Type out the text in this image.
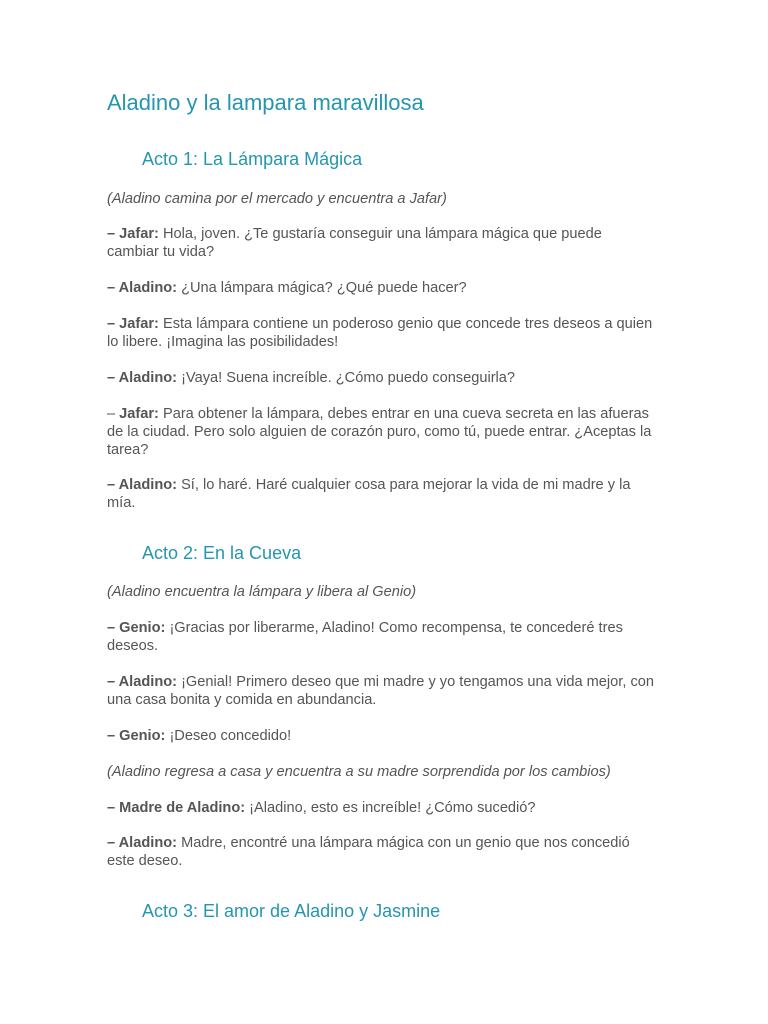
Aladino y la lampara maravillosa
Acto 1: La Lámpara Mágica

(Aladino camina por el mercado y encuentra a Jafar)

– Jafar: Hola, joven. ¿Te gustaría conseguir una lámpara mágica que puede cambiar tu vida?

– Aladino: ¿Una lámpara mágica? ¿Qué puede hacer?

– Jafar: Esta lámpara contiene un poderoso genio que concede tres deseos a quien lo libere. ¡Imagina las posibilidades!

– Aladino: ¡Vaya! Suena increíble. ¿Cómo puedo conseguirla?

– Jafar: Para obtener la lámpara, debes entrar en una cueva secreta en las afueras de la ciudad. Pero solo alguien de corazón puro, como tú, puede entrar. ¿Aceptas la tarea?

– Aladino: Sí, lo haré. Haré cualquier cosa para mejorar la vida de mi madre y la mía.

Acto 2: En la Cueva

(Aladino encuentra la lámpara y libera al Genio)

– Genio: ¡Gracias por liberarme, Aladino! Como recompensa, te concederé tres deseos.

– Aladino: ¡Genial! Primero deseo que mi madre y yo tengamos una vida mejor, con una casa bonita y comida en abundancia.

– Genio: ¡Deseo concedido!

(Aladino regresa a casa y encuentra a su madre sorprendida por los cambios)

– Madre de Aladino: ¡Aladino, esto es increíble! ¿Cómo sucedió?

– Aladino: Madre, encontré una lámpara mágica con un genio que nos concedió este deseo.

Acto 3: El amor de Aladino y Jasmine
